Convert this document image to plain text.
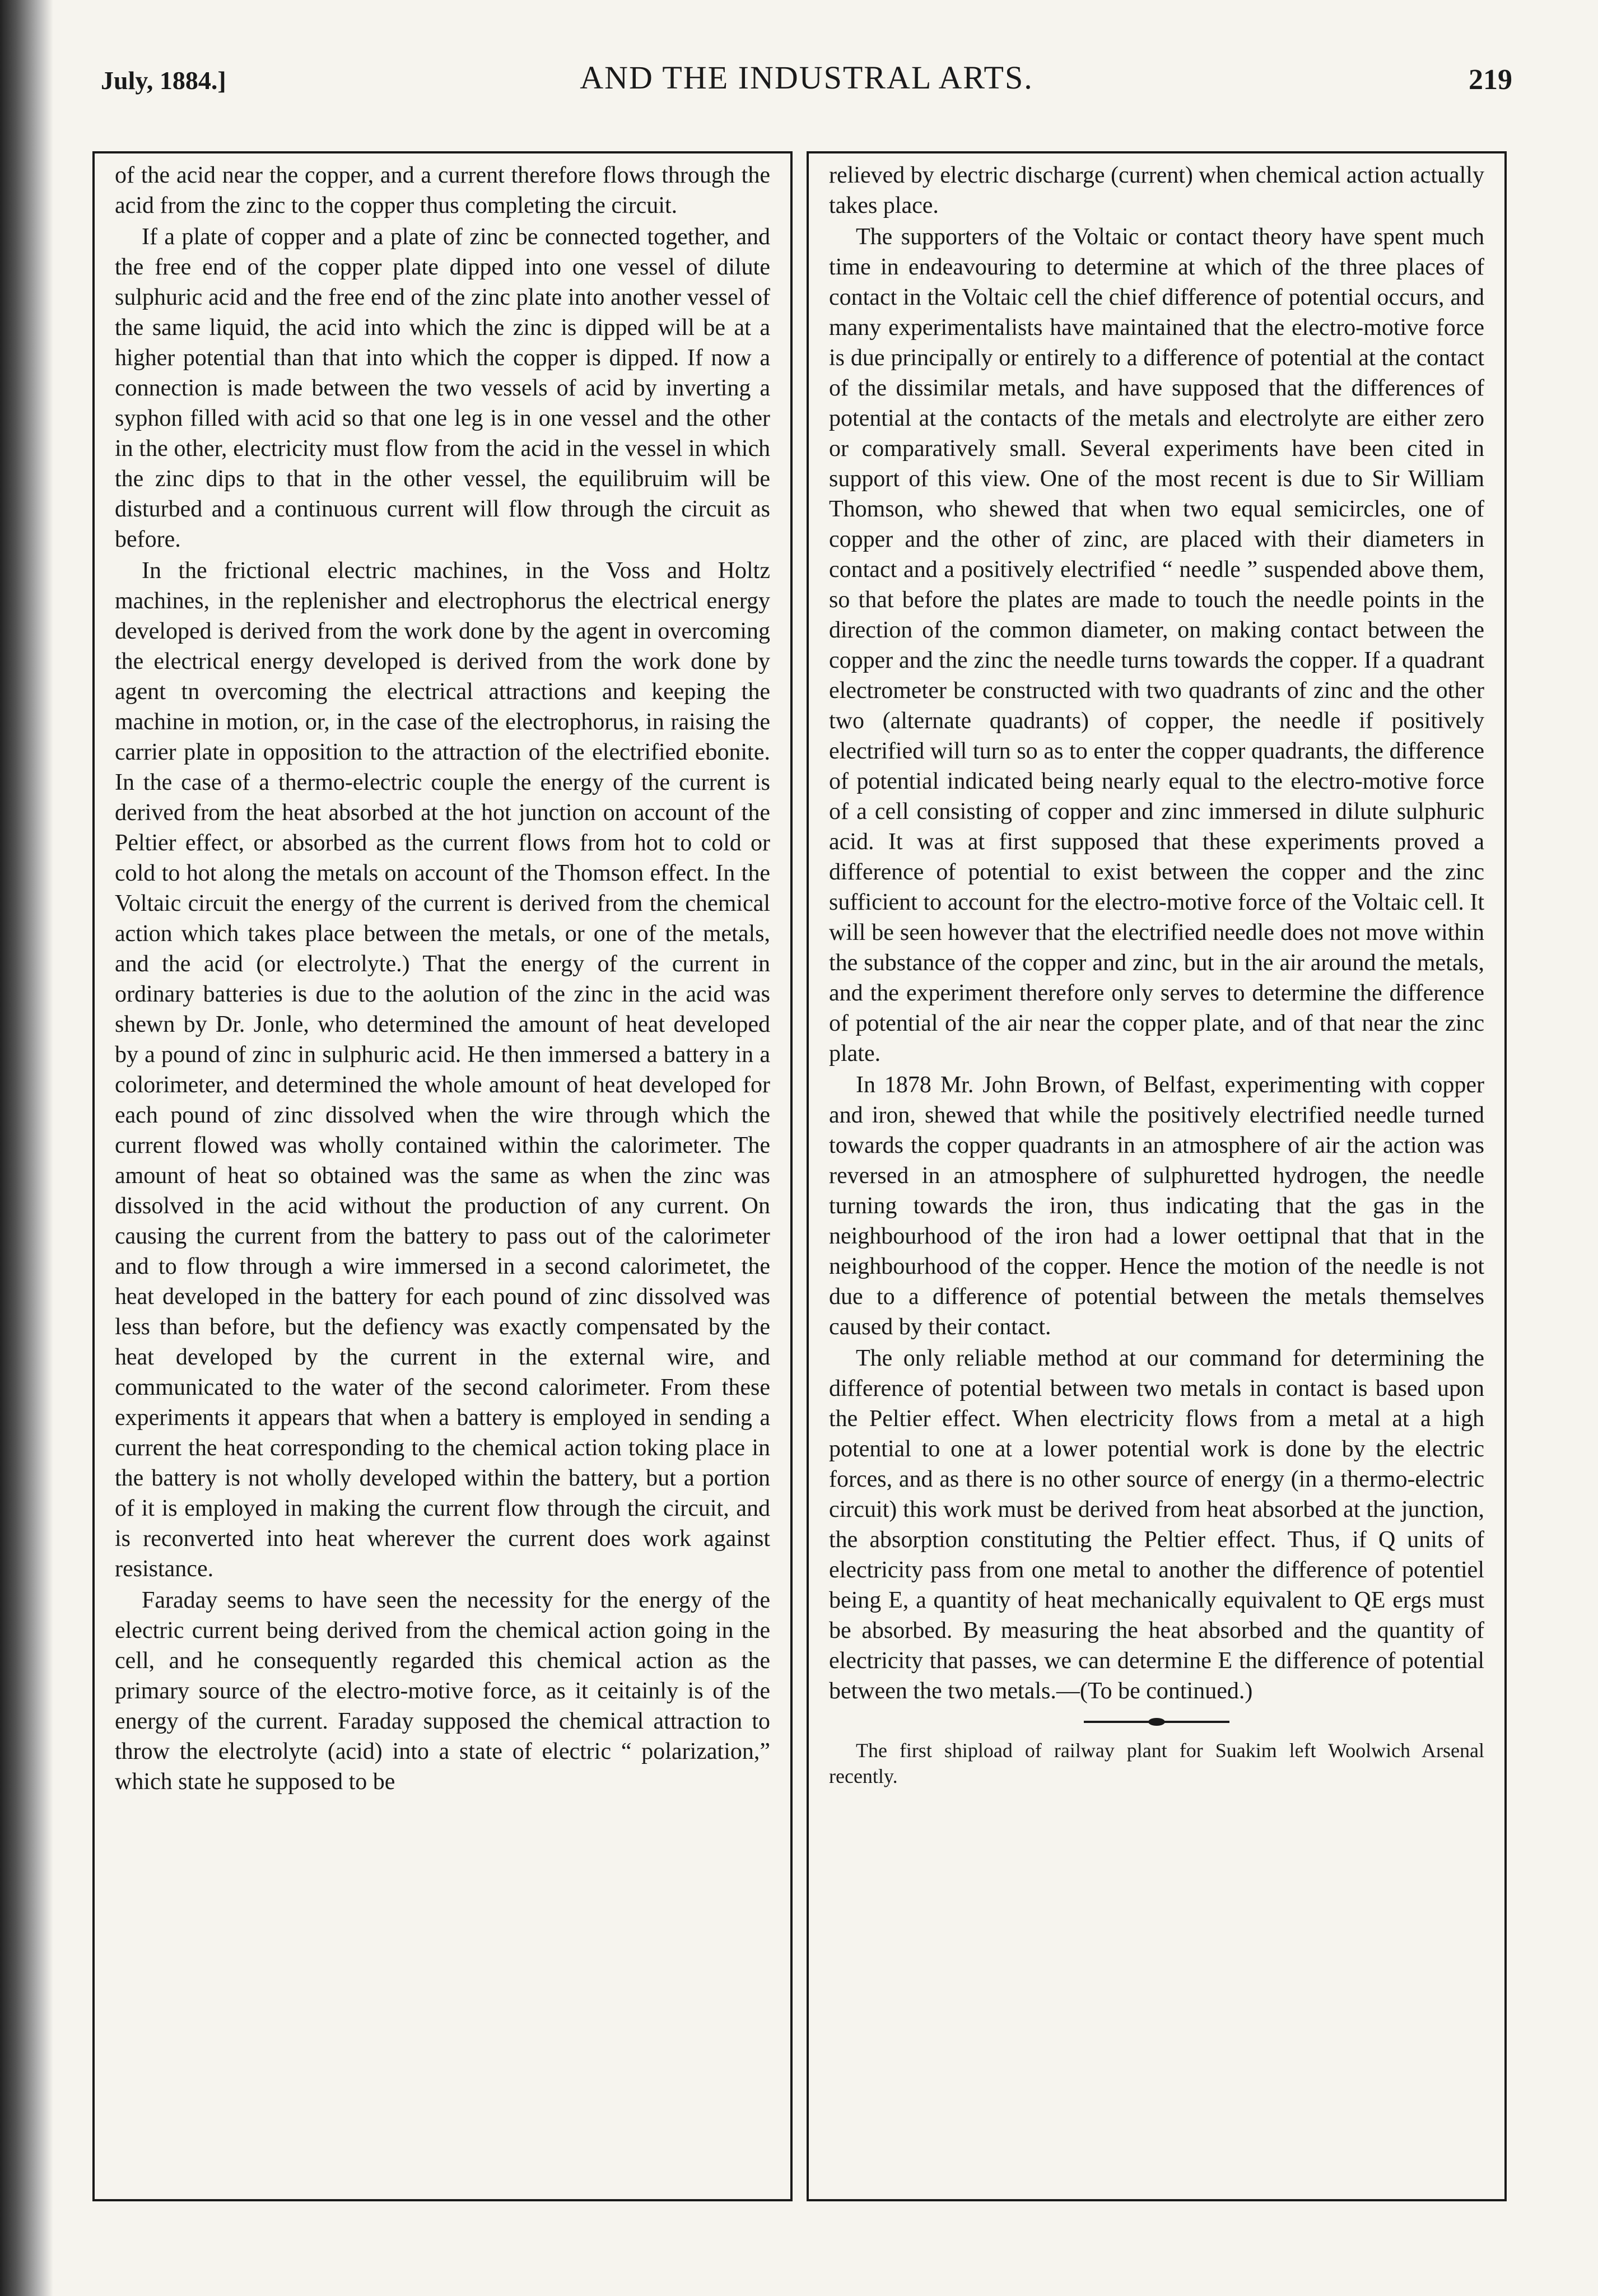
July, 1884.]	AND THE INDUSTRAL ARTS.	219

of the acid near the copper, and a current therefore flows through the acid from the zinc to the copper thus completing the circuit.

If a plate of copper and a plate of zinc be connected together, and the free end of the copper plate dipped into one vessel of dilute sulphuric acid and the free end of the zinc plate into another vessel of the same liquid, the acid into which the zinc is dipped will be at a higher potential than that into which the copper is dipped. If now a connection is made between the two vessels of acid by inverting a syphon filled with acid so that one leg is in one vessel and the other in the other, electricity must flow from the acid in the vessel in which the zinc dips to that in the other vessel, the equilibruim will be disturbed and a continuous current will flow through the circuit as before.

In the frictional electric machines, in the Voss and Holtz machines, in the replenisher and electrophorus the electrical energy developed is derived from the work done by the agent in overcoming the electrical energy developed is derived from the work done by agent tn overcoming the electrical attractions and keeping the machine in motion, or, in the case of the electrophorus, in raising the carrier plate in opposition to the attraction of the electrified ebonite. In the case of a thermo-electric couple the energy of the current is derived from the heat absorbed at the hot junction on account of the Peltier effect, or absorbed as the current flows from hot to cold or cold to hot along the metals on account of the Thomson effect. In the Voltaic circuit the energy of the current is derived from the chemical action which takes place between the metals, or one of the metals, and the acid (or electrolyte.) That the energy of the current in ordinary batteries is due to the aolution of the zinc in the acid was shewn by Dr. Jonle, who determined the amount of heat developed by a pound of zinc in sulphuric acid. He then immersed a battery in a colorimeter, and determined the whole amount of heat developed for each pound of zinc dissolved when the wire through which the current flowed was wholly contained within the calorimeter. The amount of heat so obtained was the same as when the zinc was dissolved in the acid without the production of any current. On causing the current from the battery to pass out of the calorimeter and to flow through a wire immersed in a second calorimetet, the heat developed in the battery for each pound of zinc dissolved was less than before, but the defiency was exactly compensated by the heat developed by the current in the external wire, and communicated to the water of the second calorimeter. From these experiments it appears that when a battery is employed in sending a current the heat corresponding to the chemical action toking place in the battery is not wholly developed within the battery, but a portion of it is employed in making the current flow through the circuit, and is reconverted into heat wherever the current does work against resistance.

Faraday seems to have seen the necessity for the energy of the electric current being derived from the chemical action going in the cell, and he consequently regarded this chemical action as the primary source of the electro-motive force, as it ceitainly is of the energy of the current. Faraday supposed the chemical attraction to throw the electrolyte (acid) into a state of electric “ polarization,” which state he supposed to be

relieved by electric discharge (current) when chemical action actually takes place.

The supporters of the Voltaic or contact theory have spent much time in endeavouring to determine at which of the three places of contact in the Voltaic cell the chief difference of potential occurs, and many experimentalists have maintained that the electro-motive force is due principally or entirely to a difference of potential at the contact of the dissimilar metals, and have supposed that the differences of potential at the contacts of the metals and electrolyte are either zero or comparatively small. Several experiments have been cited in support of this view. One of the most recent is due to Sir William Thomson, who shewed that when two equal semicircles, one of copper and the other of zinc, are placed with their diameters in contact and a positively electrified “ needle ” suspended above them, so that before the plates are made to touch the needle points in the direction of the common diameter, on making contact between the copper and the zinc the needle turns towards the copper. If a quadrant electrometer be constructed with two quadrants of zinc and the other two (alternate quadrants) of copper, the needle if positively electrified will turn so as to enter the copper quadrants, the difference of potential indicated being nearly equal to the electro-motive force of a cell consisting of copper and zinc immersed in dilute sulphuric acid. It was at first supposed that these experiments proved a difference of potential to exist between the copper and the zinc sufficient to account for the electro-motive force of the Voltaic cell. It will be seen however that the electrified needle does not move within the substance of the copper and zinc, but in the air around the metals, and the experiment therefore only serves to determine the difference of potential of the air near the copper plate, and of that near the zinc plate.

In 1878 Mr. John Brown, of Belfast, experimenting with copper and iron, shewed that while the positively electrified needle turned towards the copper quadrants in an atmosphere of air the action was reversed in an atmosphere of sulphuretted hydrogen, the needle turning towards the iron, thus indicating that the gas in the neighbourhood of the iron had a lower oettipnal that that in the neighbourhood of the copper. Hence the motion of the needle is not due to a difference of potential between the metals themselves caused by their contact.

The only reliable method at our command for determining the difference of potential between two metals in contact is based upon the Peltier effect. When electricity flows from a metal at a high potential to one at a lower potential work is done by the electric forces, and as there is no other source of energy (in a thermo-electric circuit) this work must be derived from heat absorbed at the junction, the absorption constituting the Peltier effect. Thus, if Q units of electricity pass from one metal to another the difference of potentiel being E, a quantity of heat mechanically equivalent to QE ergs must be absorbed. By measuring the heat absorbed and the quantity of electricity that passes, we can determine E the difference of potential between the two metals.—(To be continued.)

The first shipload of railway plant for Suakim left Woolwich Arsenal recently.
